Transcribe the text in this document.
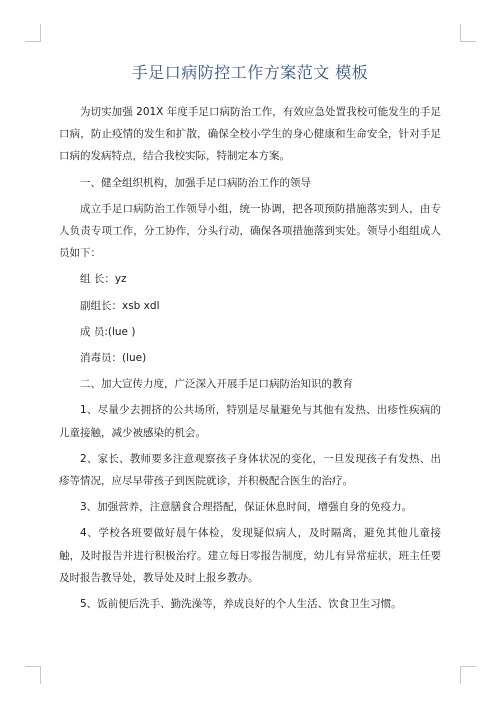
手足口病防控工作方案范文 模板

为切实加强 201X 年度手足口病防治工作，有效应急处置我校可能发生的手足口病，防止疫情的发生和扩散，确保全校小学生的身心健康和生命安全，针对手足口病的发病特点，结合我校实际，特制定本方案。

一、健全组织机构，加强手足口病防治工作的领导

成立手足口病防治工作领导小组，统一协调，把各项预防措施落实到人，由专人负责专项工作，分工协作，分头行动，确保各项措施落到实处。领导小组组成人员如下：

组 长：yz

副组长：xsb xdl

成 员:(lue )

消毒员：(lue)

二、加大宣传力度，广泛深入开展手足口病防治知识的教育

1、尽量少去拥挤的公共场所，特别是尽量避免与其他有发热、出疹性疾病的儿童接触，减少被感染的机会。

2、家长、教师要多注意观察孩子身体状况的变化，一旦发现孩子有发热、出疹等情况，应尽早带孩子到医院就诊，并积极配合医生的治疗。

3、加强营养，注意膳食合理搭配，保证休息时间，增强自身的免疫力。

4、学校各班要做好晨午体检，发现疑似病人，及时隔离，避免其他儿童接触，及时报告并进行积极治疗。建立每日零报告制度，幼儿有异常症状，班主任要及时报告教导处，教导处及时上报乡教办。

5、饭前便后洗手、勤洗澡等，养成良好的个人生活、饮食卫生习惯。
